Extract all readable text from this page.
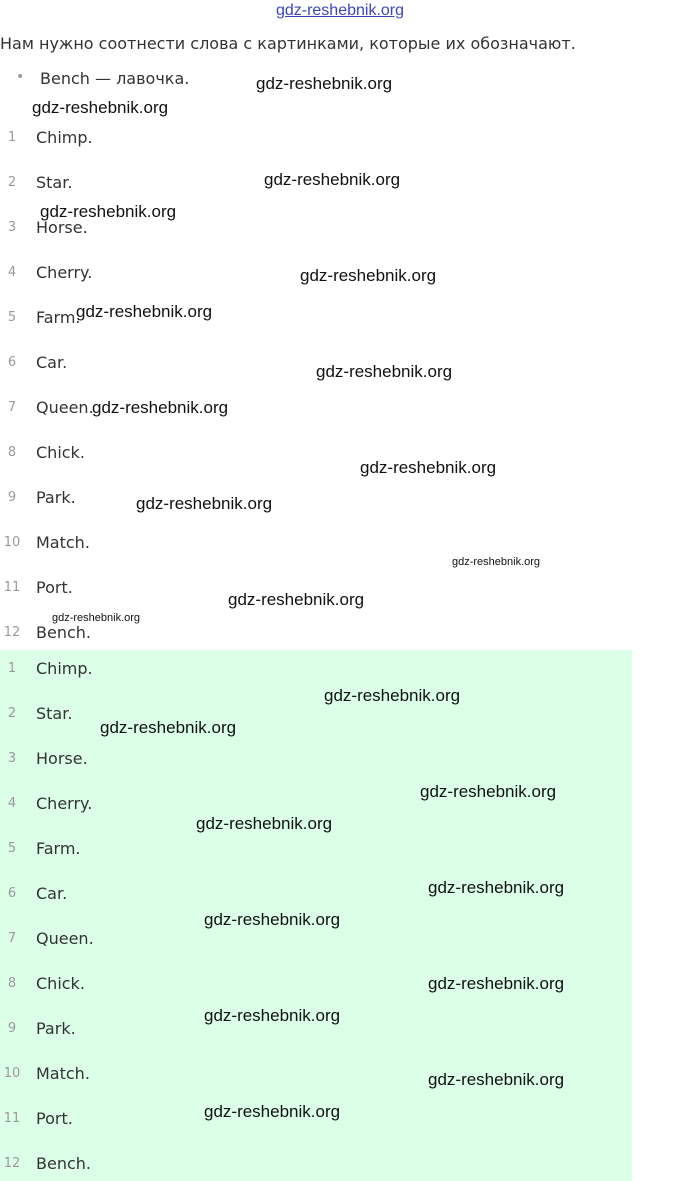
gdz-reshebnik.org
Нам нужно соотнести слова с картинками, которые их обозначают.
• Bench — лавочка.
1	Chimp.
2	Star.
3	Horse.
4	Cherry.
5	Farm.
6	Car.
7	Queen.
8	Chick.
9	Park.
10 Match.
11 Port.
12 Bench.
1	Chimp.
2	Star.
3	Horse.
4	Cherry.
5	Farm.
6	Car.
7	Queen.
8	Chick.
9	Park.
10 Match.
11 Port.
12 Bench.
gdz-reshebnik.org
gdz-reshebnik.org
gdz-reshebnik.org
gdz-reshebnik.org
gdz-reshebnik.org
gdz-reshebnik.org
gdz-reshebnik.org
gdz-reshebnik.org
gdz-reshebnik.org
gdz-reshebnik.org
gdz-reshebnik.org
gdz-reshebnik.org
gdz-reshebnik.org
gdz-reshebnik.org
gdz-reshebnik.org
gdz-reshebnik.org
gdz-reshebnik.org
gdz-reshebnik.org
gdz-reshebnik.org
gdz-reshebnik.org
gdz-reshebnik.org
gdz-reshebnik.org
gdz-reshebnik.org
